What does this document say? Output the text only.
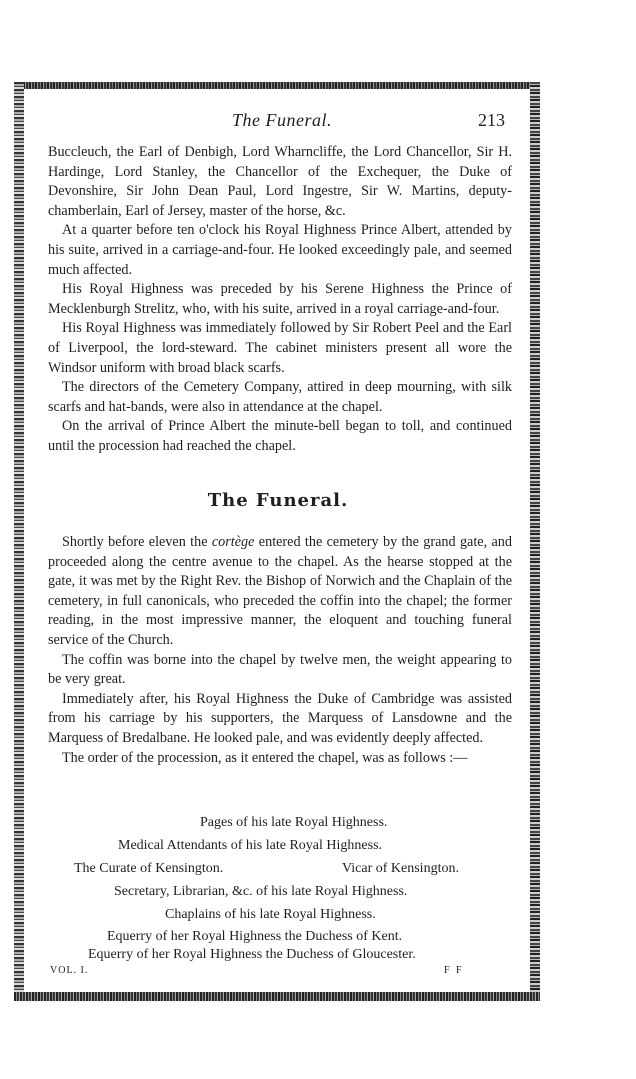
The Funeral.	213

Buccleuch, the Earl of Denbigh, Lord Wharncliffe, the Lord Chancellor, Sir H. Hardinge, Lord Stanley, the Chancellor of the Exchequer, the Duke of Devonshire, Sir John Dean Paul, Lord Ingestre, Sir W. Martins, deputy-chamberlain, Earl of Jersey, master of the horse, &c.

At a quarter before ten o'clock his Royal Highness Prince Albert, attended by his suite, arrived in a carriage-and-four. He looked exceedingly pale, and seemed much affected.

His Royal Highness was preceded by his Serene Highness the Prince of Mecklenburgh Strelitz, who, with his suite, arrived in a royal carriage-and-four.

His Royal Highness was immediately followed by Sir Robert Peel and the Earl of Liverpool, the lord-steward. The cabinet ministers present all wore the Windsor uniform with broad black scarfs.

The directors of the Cemetery Company, attired in deep mourning, with silk scarfs and hat-bands, were also in attendance at the chapel.

On the arrival of Prince Albert the minute-bell began to toll, and continued until the procession had reached the chapel.

The Funeral.

Shortly before eleven the cortège entered the cemetery by the grand gate, and proceeded along the centre avenue to the chapel. As the hearse stopped at the gate, it was met by the Right Rev. the Bishop of Norwich and the Chaplain of the cemetery, in full canonicals, who preceded the coffin into the chapel; the former reading, in the most impressive manner, the eloquent and touching funeral service of the Church.

The coffin was borne into the chapel by twelve men, the weight appearing to be very great.

Immediately after, his Royal Highness the Duke of Cambridge was assisted from his carriage by his supporters, the Marquess of Lansdowne and the Marquess of Bredalbane. He looked pale, and was evidently deeply affected.

The order of the procession, as it entered the chapel, was as follows :—

Pages of his late Royal Highness.
Medical Attendants of his late Royal Highness.
The Curate of Kensington.	Vicar of Kensington.
Secretary, Librarian, &c. of his late Royal Highness.
Chaplains of his late Royal Highness.
Equerry of her Royal Highness the Duchess of Kent.
Equerry of her Royal Highness the Duchess of Gloucester.
VOL. I.	F F
